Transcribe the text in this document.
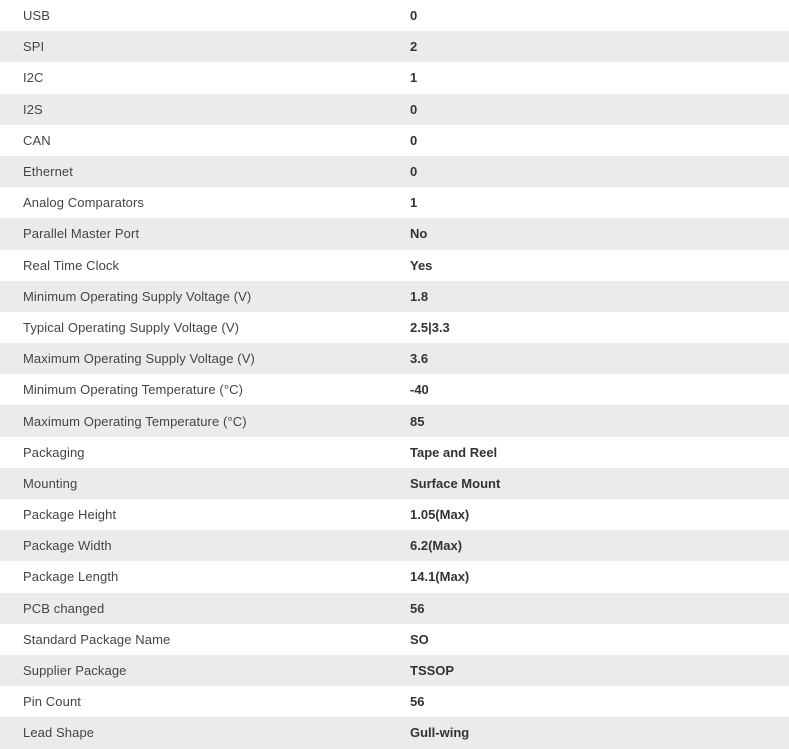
USB	0
SPI	2
I2C	1
I2S	0
CAN	0
Ethernet	0
Analog Comparators	1
Parallel Master Port	No
Real Time Clock	Yes
Minimum Operating Supply Voltage (V)	1.8
Typical Operating Supply Voltage (V)	2.5|3.3
Maximum Operating Supply Voltage (V)	3.6
Minimum Operating Temperature (°C)	-40
Maximum Operating Temperature (°C)	85
Packaging	Tape and Reel
Mounting	Surface Mount
Package Height	1.05(Max)
Package Width	6.2(Max)
Package Length	14.1(Max)
PCB changed	56
Standard Package Name	SO
Supplier Package	TSSOP
Pin Count	56
Lead Shape	Gull-wing
